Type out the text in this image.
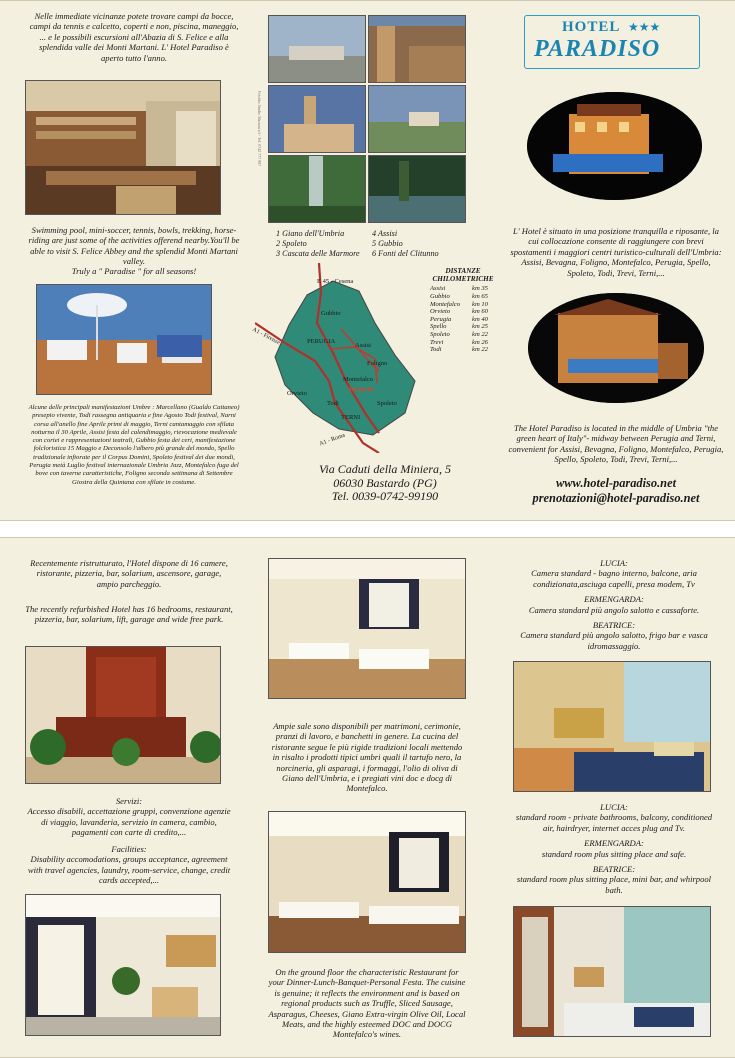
Nelle immediate vicinanze potete trovare campi da bocce, campi da tennis e calcetto, coperti e non, piscina, maneggio, ... e le possibili escursioni all'Abazia di S. Felice e alla splendida valle dei Monti Martani. L' Hotel Paradiso è aperto tutto l'anno.

Swimming pool, mini-soccer, tennis, bowls, trekking, horse-riding are just some of the activities offerend nearby.You'll be able to visit S. Felice Abbey and the splendid Monti Martani valley.

Truly a " Paradise " for all seasons!

Alcune delle principali manifestazioni Umbre : Marcellano (Gualdo Cattaneo) presepio vivente, Todi rassegna antiquaria e fine Agosto Todi festival, Narni corsa all'anello fine Aprile primi di maggio, Terni cantamaggio con sfilata notturna il 30 Aprile, Assisi festa del calendimaggio, rievocazione medievale con cortei e rappresentazioni teatrali, Gubbio festa dei ceri, manifestazione folcloristica 15 Maggio e Deconsolo l'albero più grande del mondo, Spello tradizionale infiorate per il Corpus Domini, Spoleto festival dei due mondi, Perugia metà Luglio festival internazionale Umbria Jazz, Montefalco fuga del bove con taverne caratteristiche, Foligno seconda settimana di Settembre Giostra della Quintana con sfilate in costume.

Fotolito Studio Mariani srl - Tel. 0742 777 997
1 Giano dell'Umbria
2 Spoleto
3 Cascata delle Marmore
4 Assisi
5 Gubbio
6 Fonti del Clitunno
E 45 - Cesena
A1 - Firenze
A1 - Roma
Gubbio
PERUGIA
Assisi
Foligno
Montefalco
Bastardo
Orvieto
Todi	Spoleto
TERNI
DISTANZE CHILOMETRICHE
Assisi	km 35
Gubbio	km 65
Montefalco	km 10
Orvieto	km 60
Perugia	km 40
Spello	km 25
Spoleto	km 22
Trevi	km 26
Todi	km 22
Via Caduti della Miniera, 5
06030 Bastardo (PG)
Tel. 0039-0742-99190
HOTEL ★★★
PARADISO

L' Hotel è situato in una posizione tranquilla e riposante, la cui collocazione consente di raggiungere con brevi spostamenti i maggiori centri turistico-culturali dell'Umbria: Assisi, Bevagna, Foligno, Montefalco, Perugia, Spello, Spoleto, Todi, Trevi, Terni,...

The Hotel Paradiso is located in the middle of Umbria "the green heart of Italy"- midway between Perugia and Terni, convenient for Assisi, Bevagna, Foligno, Montefalco, Perugia, Spello, Spoleto, Todi, Trevi, Terni,...

www.hotel-paradiso.net
prenotazioni@hotel-paradiso.net

Recentemente ristrutturato, l'Hotel dispone di 16 camere, ristorante, pizzeria, bar, solarium, ascensore, garage, ampio parcheggio.

The recently refurbished Hotel has 16 bedrooms, restaurant, pizzeria, bar, solarium, lift, garage and wide free park.

Servizi:
Accesso disabili, accettazione gruppi, convenzione agenzie di viaggio, lavanderia, servizio in camera, cambio, pagamenti con carte di credito,...
Facilities:
Disability accomodations, groups acceptance, agreement with travel agencies, laundry, room-service, change, credit cards accepted,...

Ampie sale sono disponibili per matrimoni, cerimonie, pranzi di lavoro, e banchetti in genere. La cucina del ristorante segue le più rigide tradizioni locali mettendo in risalto i prodotti tipici umbri quali il tartufo nero, la norcineria, gli asparagi, i formaggi, l'olio di oliva di Giano dell'Umbria, e i pregiati vini doc e docg di Montefalco.

On the ground floor the characteristic Restaurant for your Dinner-Lunch-Banquet-Personal Festa. The cuisine is genuine; it reflects the environment and is based on regional products such as Truffle, Sliced Sausage, Asparagus, Cheeses, Giano Extra-virgin Olive Oil, Local Meats, and the highly esteemed DOC and DOCG Montefalco's wines.

LUCIA:
Camera standard - bagno interno, balcone, aria condizionata,asciuga capelli, presa modem, Tv
ERMENGARDA:
Camera standard più angolo salotto e cassaforte.
BEATRICE:
Camera standard più angolo salotto, frigo bar e vasca idromassaggio.
LUCIA:
standard room - private bathrooms, balcony, conditioned air, hairdryer, internet acces plug and Tv.
ERMENGARDA:
standard room plus sitting place and safe.
BEATRICE:
standard room plus sitting place, mini bar, and whirpool bath.
